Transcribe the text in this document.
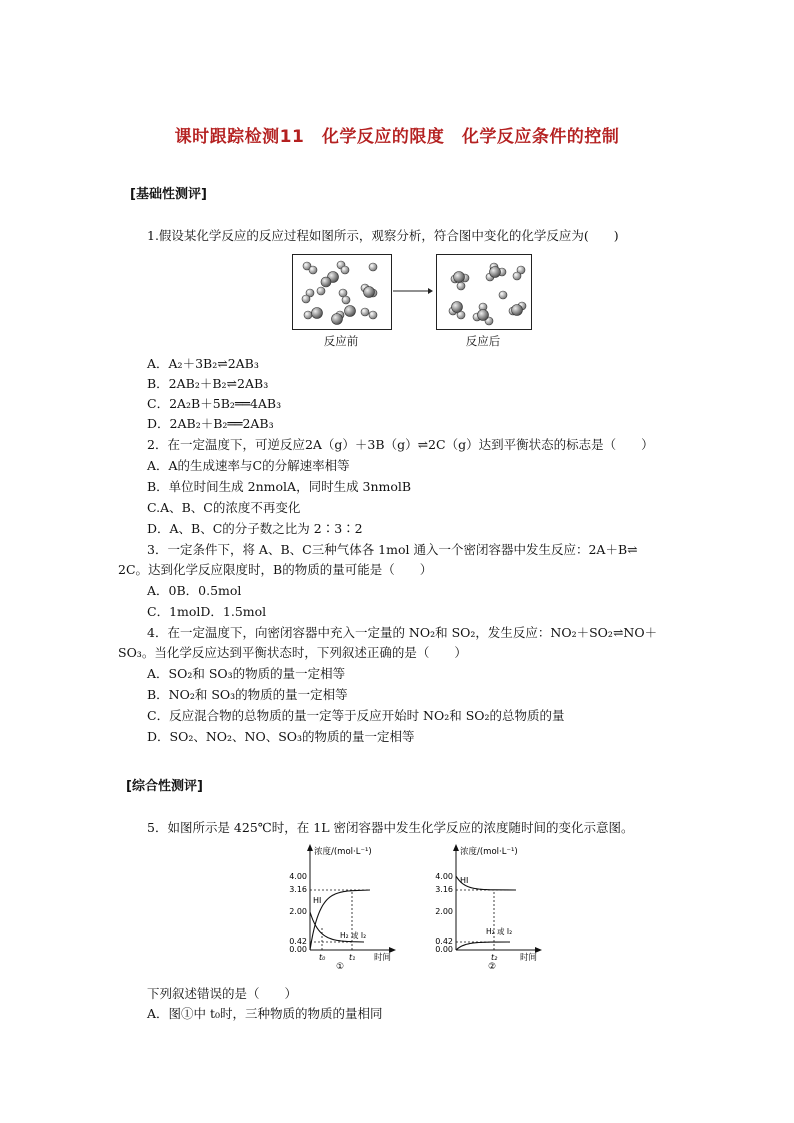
课时跟踪检测11　化学反应的限度　化学反应条件的控制
[基础性测评]
1.假设某化学反应的反应过程如图所示，观察分析，符合图中变化的化学反应为(　　)
反应前	反应后
A．A₂＋3B₂⇌2AB₃
B．2AB₂＋B₂⇌2AB₃
C．2A₂B＋5B₂══4AB₃
D．2AB₂＋B₂══2AB₃
2．在一定温度下，可逆反应2A（g）＋3B（g）⇌2C（g）达到平衡状态的标志是（　　）
A．A的生成速率与C的分解速率相等
B．单位时间生成 2nmolA，同时生成 3nmolB
C.A、B、C的浓度不再变化
D．A、B、C的分子数之比为 2∶3∶2
3．一定条件下，将 A、B、C三种气体各 1mol 通入一个密闭容器中发生反应：2A＋B⇌
2C。达到化学反应限度时，B的物质的量可能是（　　）
A．0B．0.5mol
C．1molD．1.5mol
4．在一定温度下，向密闭容器中充入一定量的 NO₂和 SO₂，发生反应：NO₂＋SO₂⇌NO＋
SO₃。当化学反应达到平衡状态时，下列叙述正确的是（　　）
A．SO₂和 SO₃的物质的量一定相等
B．NO₂和 SO₃的物质的量一定相等
C．反应混合物的总物质的量一定等于反应开始时 NO₂和 SO₂的总物质的量
D．SO₂、NO₂、NO、SO₃的物质的量一定相等
[综合性测评]
5．如图所示是 425℃时，在 1L 密闭容器中发生化学反应的浓度随时间的变化示意图。
浓度/(mol·L⁻¹)
时间
4.00
3.16
2.00
0.42
0.00
HI
H₂ 或 I₂
t₀	t₁
①
浓度/(mol·L⁻¹)
时间
4.00
3.16
2.00
0.42
0.00
HI
H₂ 或 I₂
t₂
②
下列叙述错误的是（　　）
A．图①中 t₀时，三种物质的物质的量相同
